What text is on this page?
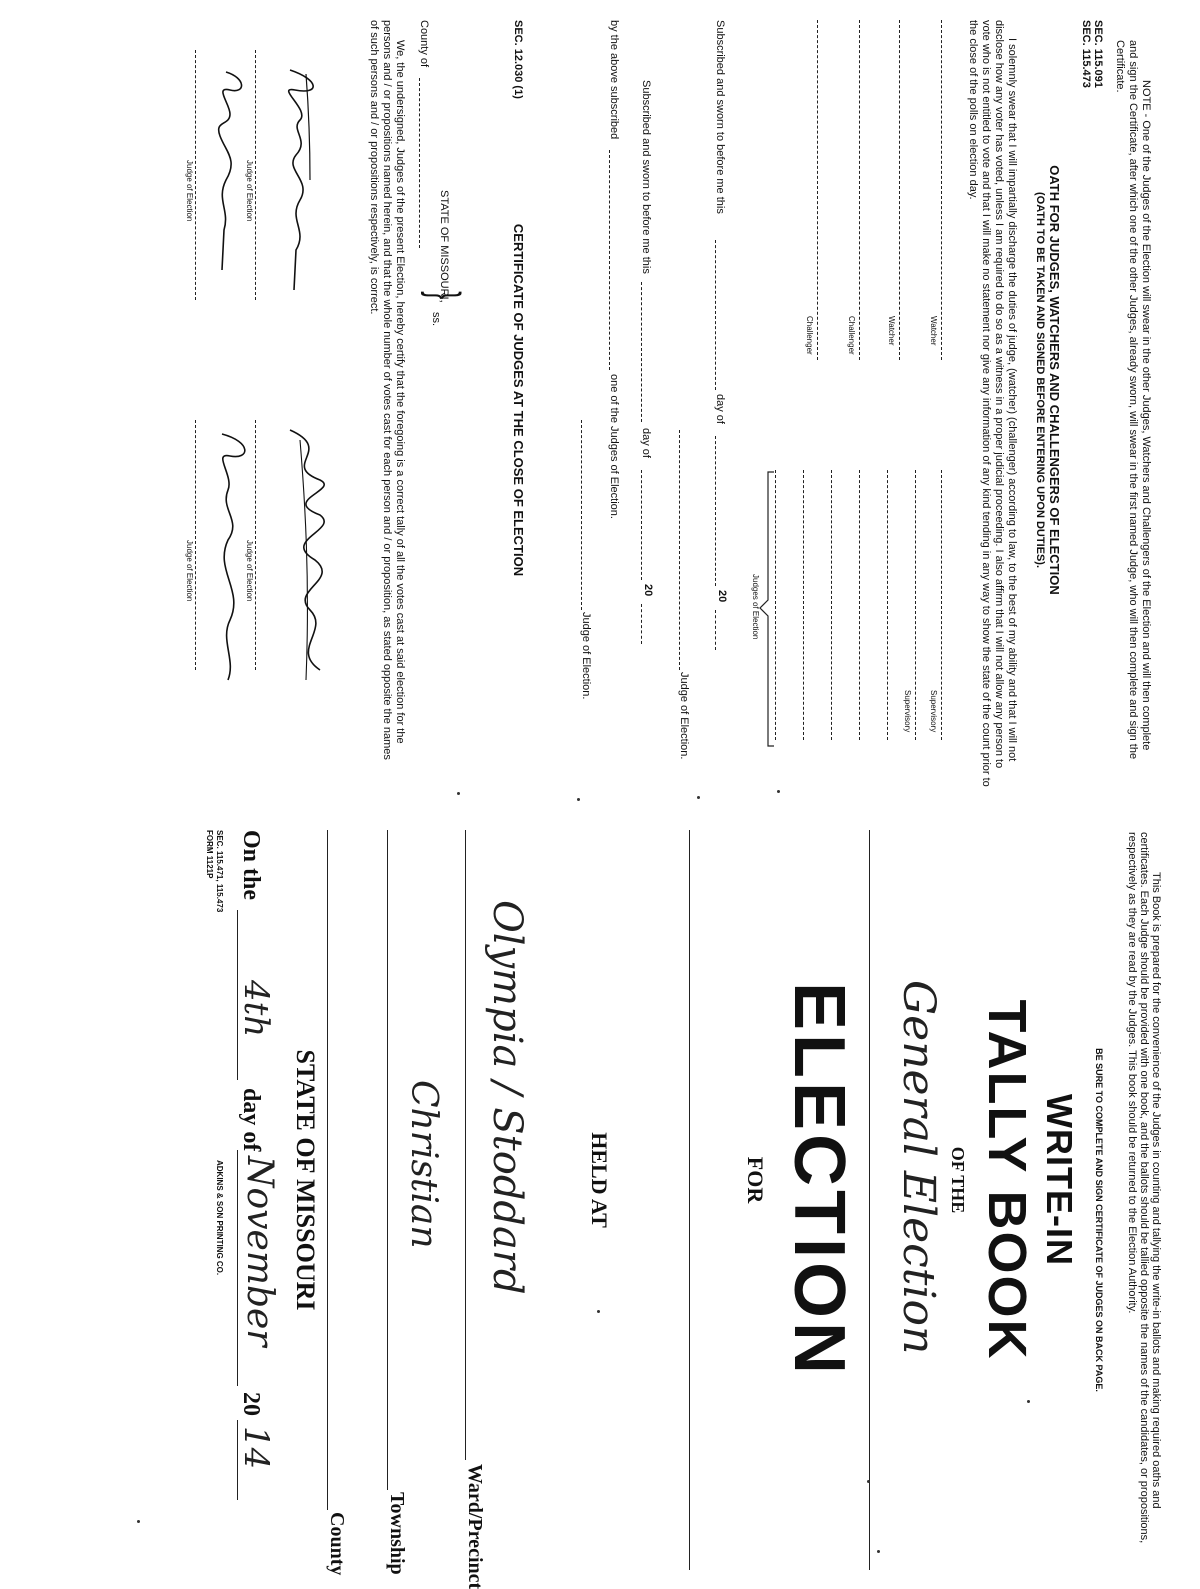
NOTE - One of the Judges of the Election will swear in the other Judges, Watchers and Challengers of the Election and will then complete and sign the Certificate, after which one of the other Judges, already sworn, will swear in the first named Judge, who will then complete and sign the Certificate.
SEC. 115.091
SEC. 115.473
OATH FOR JUDGES, WATCHERS AND CHALLENGERS OF ELECTION
(OATH TO BE TAKEN AND SIGNED BEFORE ENTERING UPON DUTIES).
I solemnly swear that I will impartially discharge the duties of judge, (watcher) (challenger) according to law, to the best of my ability and that I will not disclose how any voter has voted, unless I am required to do so as a witness in a proper judicial proceeding. I also affirm that I will not allow any person to vote who is not entitled to vote and that I will make no statement nor give any information of any kind tending in any way to show the state of the count prior to the close of the polls on election day.
Watcher
Watcher
Challenger
Challenger
Supervisory
Supervisory
Judges of Election
Subscribed and sworn to before me this
day of
20
Judge of Election.
Subscribed and sworn to before me this
day of
20
by the above subscribed
one of the Judges of Election.
Judge of Election.
SEC. 12.030 (1)
CERTIFICATE OF JUDGES AT THE CLOSE OF ELECTION
STATE OF MISSOURI,
}
ss.
County of
We, the undersigned, Judges of the present Election, hereby certify that the foregoing is a correct tally of all the votes cast at said election for the persons and / or propositions named herein, and that the whole number of votes cast for each person and / or proposition, as stated opposite the names of such persons and / or propositions respectively, is correct.
Judge of Election
Judge of Election
Judge of Election
Judge of Election
This Book is prepared for the convenience of the Judges in counting and tallying the write-in ballots and making required oaths and certificates. Each Judge should be provided with one book, and the ballots should be tallied opposite the names of the candidates, or propositions, respectively as they are read by the Judges. This book should be returned to the Election Authority.
BE SURE TO COMPLETE AND SIGN CERTIFICATE OF JUDGES ON BACK PAGE.
WRITE-IN
TALLY BOOK
OF THE
General Election
ELECTION
FOR
HELD AT
Olympia / Stoddard
Ward/Precinct
Christian
Township
County
STATE OF MISSOURI
On the
4th
day of
November
20
14
SEC. 115.471, 115.473
FORM 1121P
ADKINS & SON PRINTING CO.
